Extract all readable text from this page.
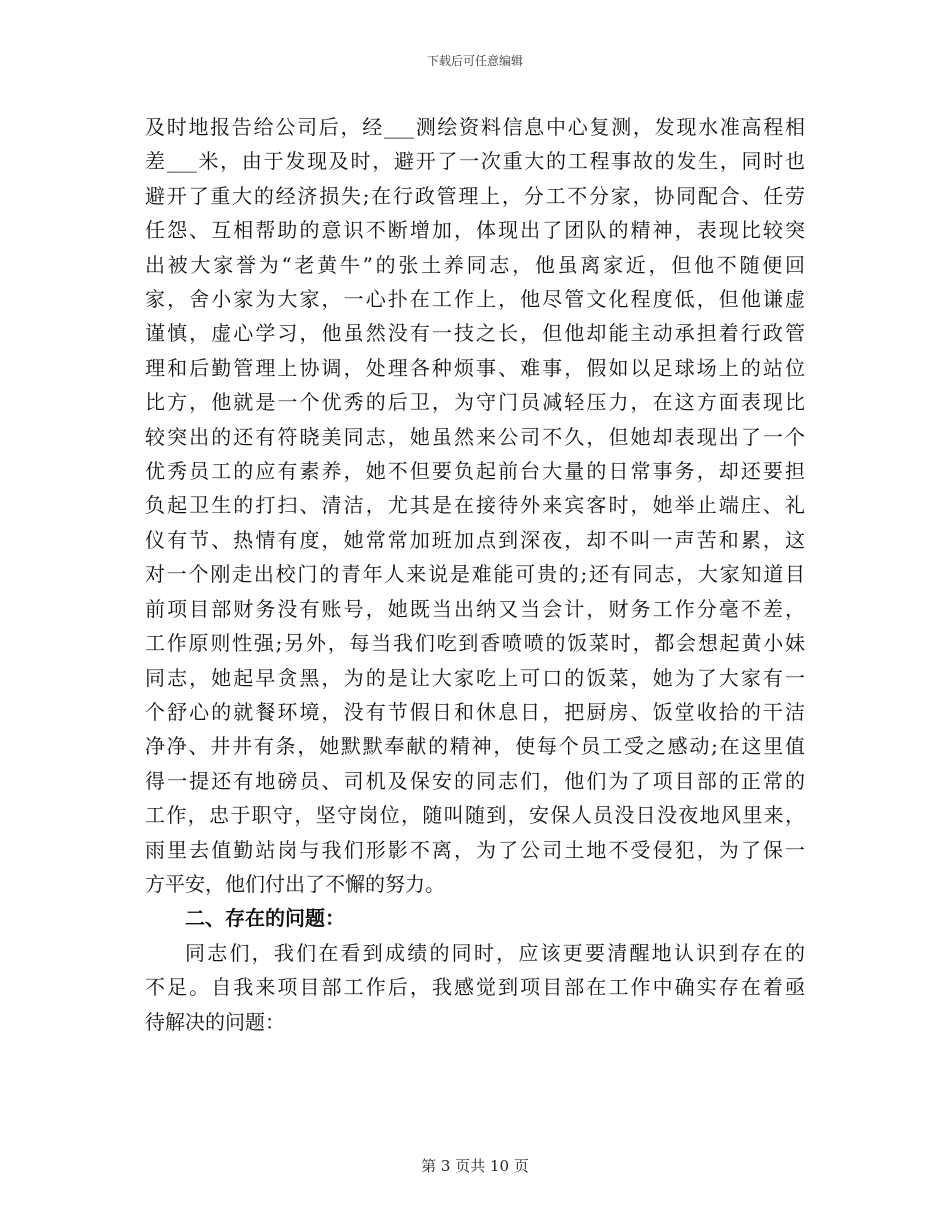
下载后可任意编辑
及时地报告给公司后，经___测绘资料信息中心复测，发现水准高程相
差___米，由于发现及时，避开了一次重大的工程事故的发生，同时也
避开了重大的经济损失;在行政管理上，分工不分家，协同配合、任劳
任怨、互相帮助的意识不断增加，体现出了团队的精神，表现比较突
出被大家誉为“老黄牛”的张土养同志，他虽离家近，但他不随便回
家，舍小家为大家，一心扑在工作上，他尽管文化程度低，但他谦虚
谨慎，虚心学习，他虽然没有一技之长，但他却能主动承担着行政管
理和后勤管理上协调，处理各种烦事、难事，假如以足球场上的站位
比方，他就是一个优秀的后卫，为守门员减轻压力，在这方面表现比
较突出的还有符晓美同志，她虽然来公司不久，但她却表现出了一个
优秀员工的应有素养，她不但要负起前台大量的日常事务，却还要担
负起卫生的打扫、清洁，尤其是在接待外来宾客时，她举止端庄、礼
仪有节、热情有度，她常常加班加点到深夜，却不叫一声苦和累，这
对一个刚走出校门的青年人来说是难能可贵的;还有同志，大家知道目
前项目部财务没有账号，她既当出纳又当会计，财务工作分毫不差，
工作原则性强;另外，每当我们吃到香喷喷的饭菜时，都会想起黄小妹
同志，她起早贪黑，为的是让大家吃上可口的饭菜，她为了大家有一
个舒心的就餐环境，没有节假日和休息日，把厨房、饭堂收拾的干洁
净净、井井有条，她默默奉献的精神，使每个员工受之感动;在这里值
得一提还有地磅员、司机及保安的同志们，他们为了项目部的正常的
工作，忠于职守，坚守岗位，随叫随到，安保人员没日没夜地风里来，
雨里去值勤站岗与我们形影不离，为了公司土地不受侵犯，为了保一
方平安，他们付出了不懈的努力。
二、存在的问题：
同志们，我们在看到成绩的同时，应该更要清醒地认识到存在的
不足。自我来项目部工作后，我感觉到项目部在工作中确实存在着亟
待解决的问题：
第 3 页共 10 页
